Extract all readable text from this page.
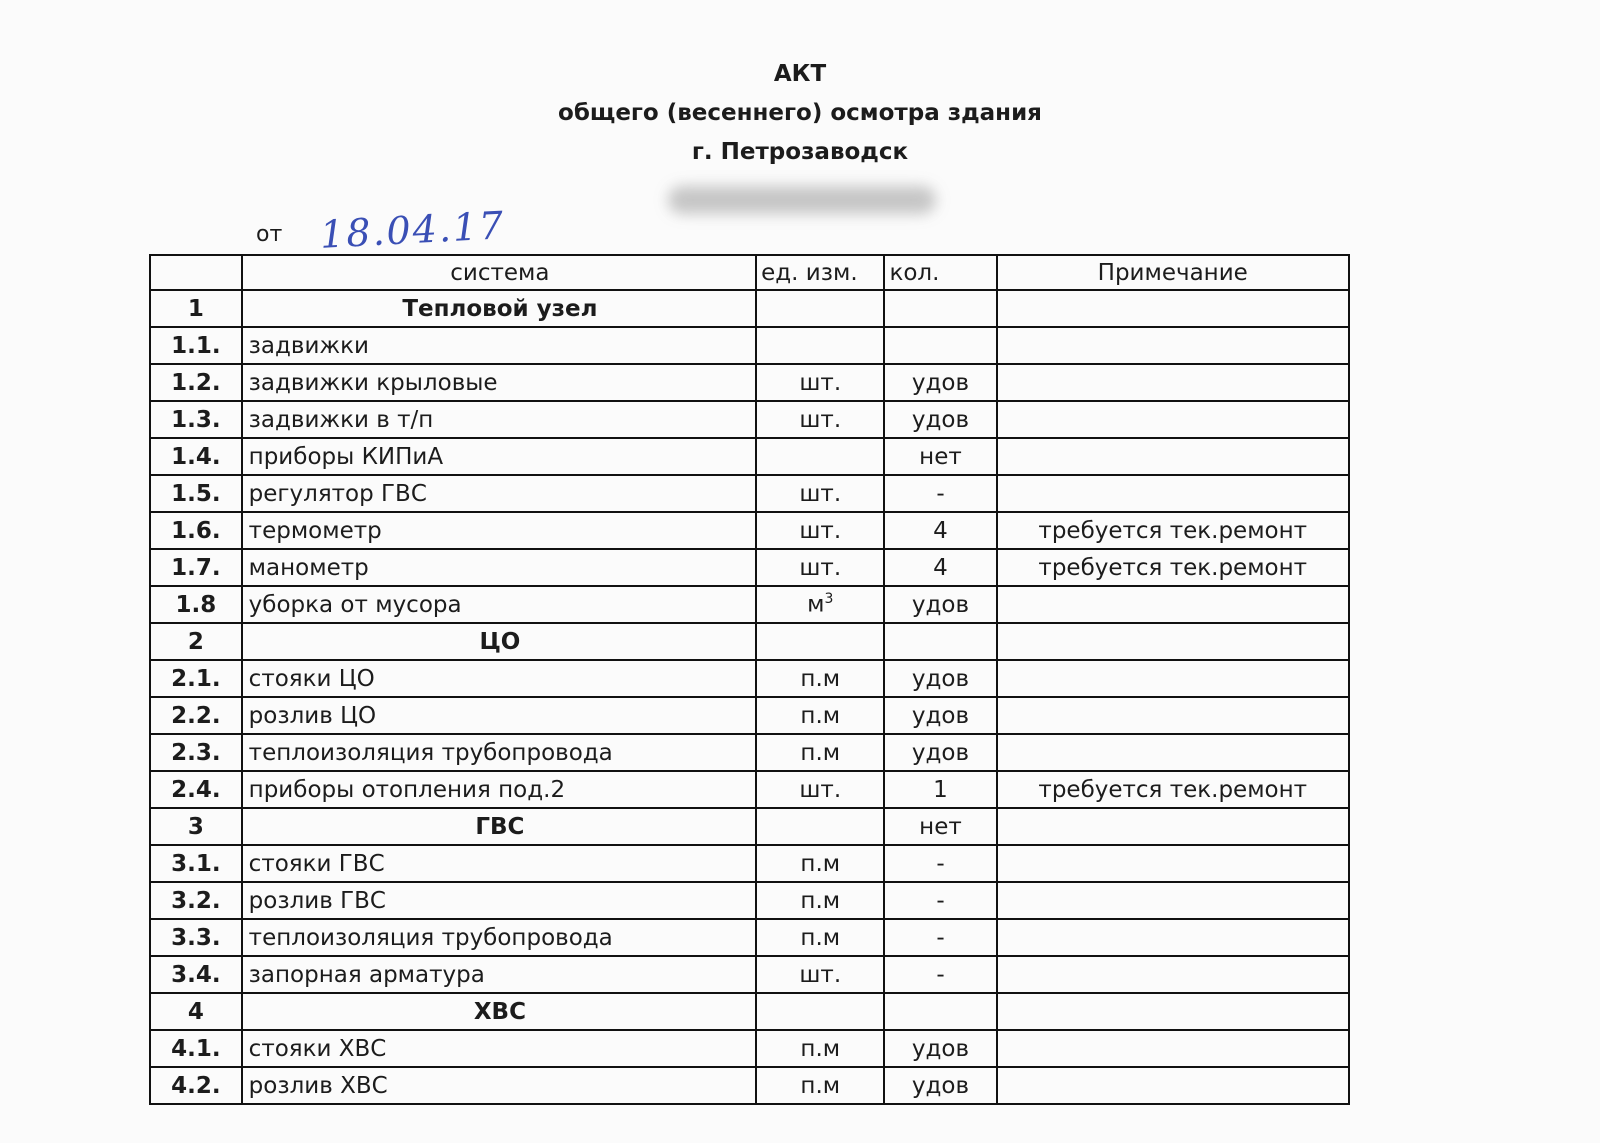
АКТ
общего (весеннего) осмотра здания
г. Петрозаводск
от 18.04.17
	система	ед. изм.	кол.	Примечание
1	Тепловой узел			
1.1.	задвижки			
1.2.	задвижки крыловые	шт.	удов	
1.3.	задвижки в т/п	шт.	удов	
1.4.	приборы КИПиА		нет	
1.5.	регулятор ГВС	шт.	-	
1.6.	термометр	шт.	4	требуется тек.ремонт
1.7.	манометр	шт.	4	требуется тек.ремонт
1.8	уборка от мусора	$м^3$	удов	
2	ЦО			
2.1.	стояки ЦО	п.м	удов	
2.2.	розлив ЦО	п.м	удов	
2.3.	теплоизоляция трубопровода	п.м	удов	
2.4.	приборы отопления под.2	шт.	1	требуется тек.ремонт
3	ГВС		нет	
3.1.	стояки ГВС	п.м	-	
3.2.	розлив ГВС	п.м	-	
3.3.	теплоизоляция трубопровода	п.м	-	
3.4.	запорная арматура	шт.	-	
4	ХВС			
4.1.	стояки ХВС	п.м	удов	
4.2.	розлив ХВС	п.м	удов	
